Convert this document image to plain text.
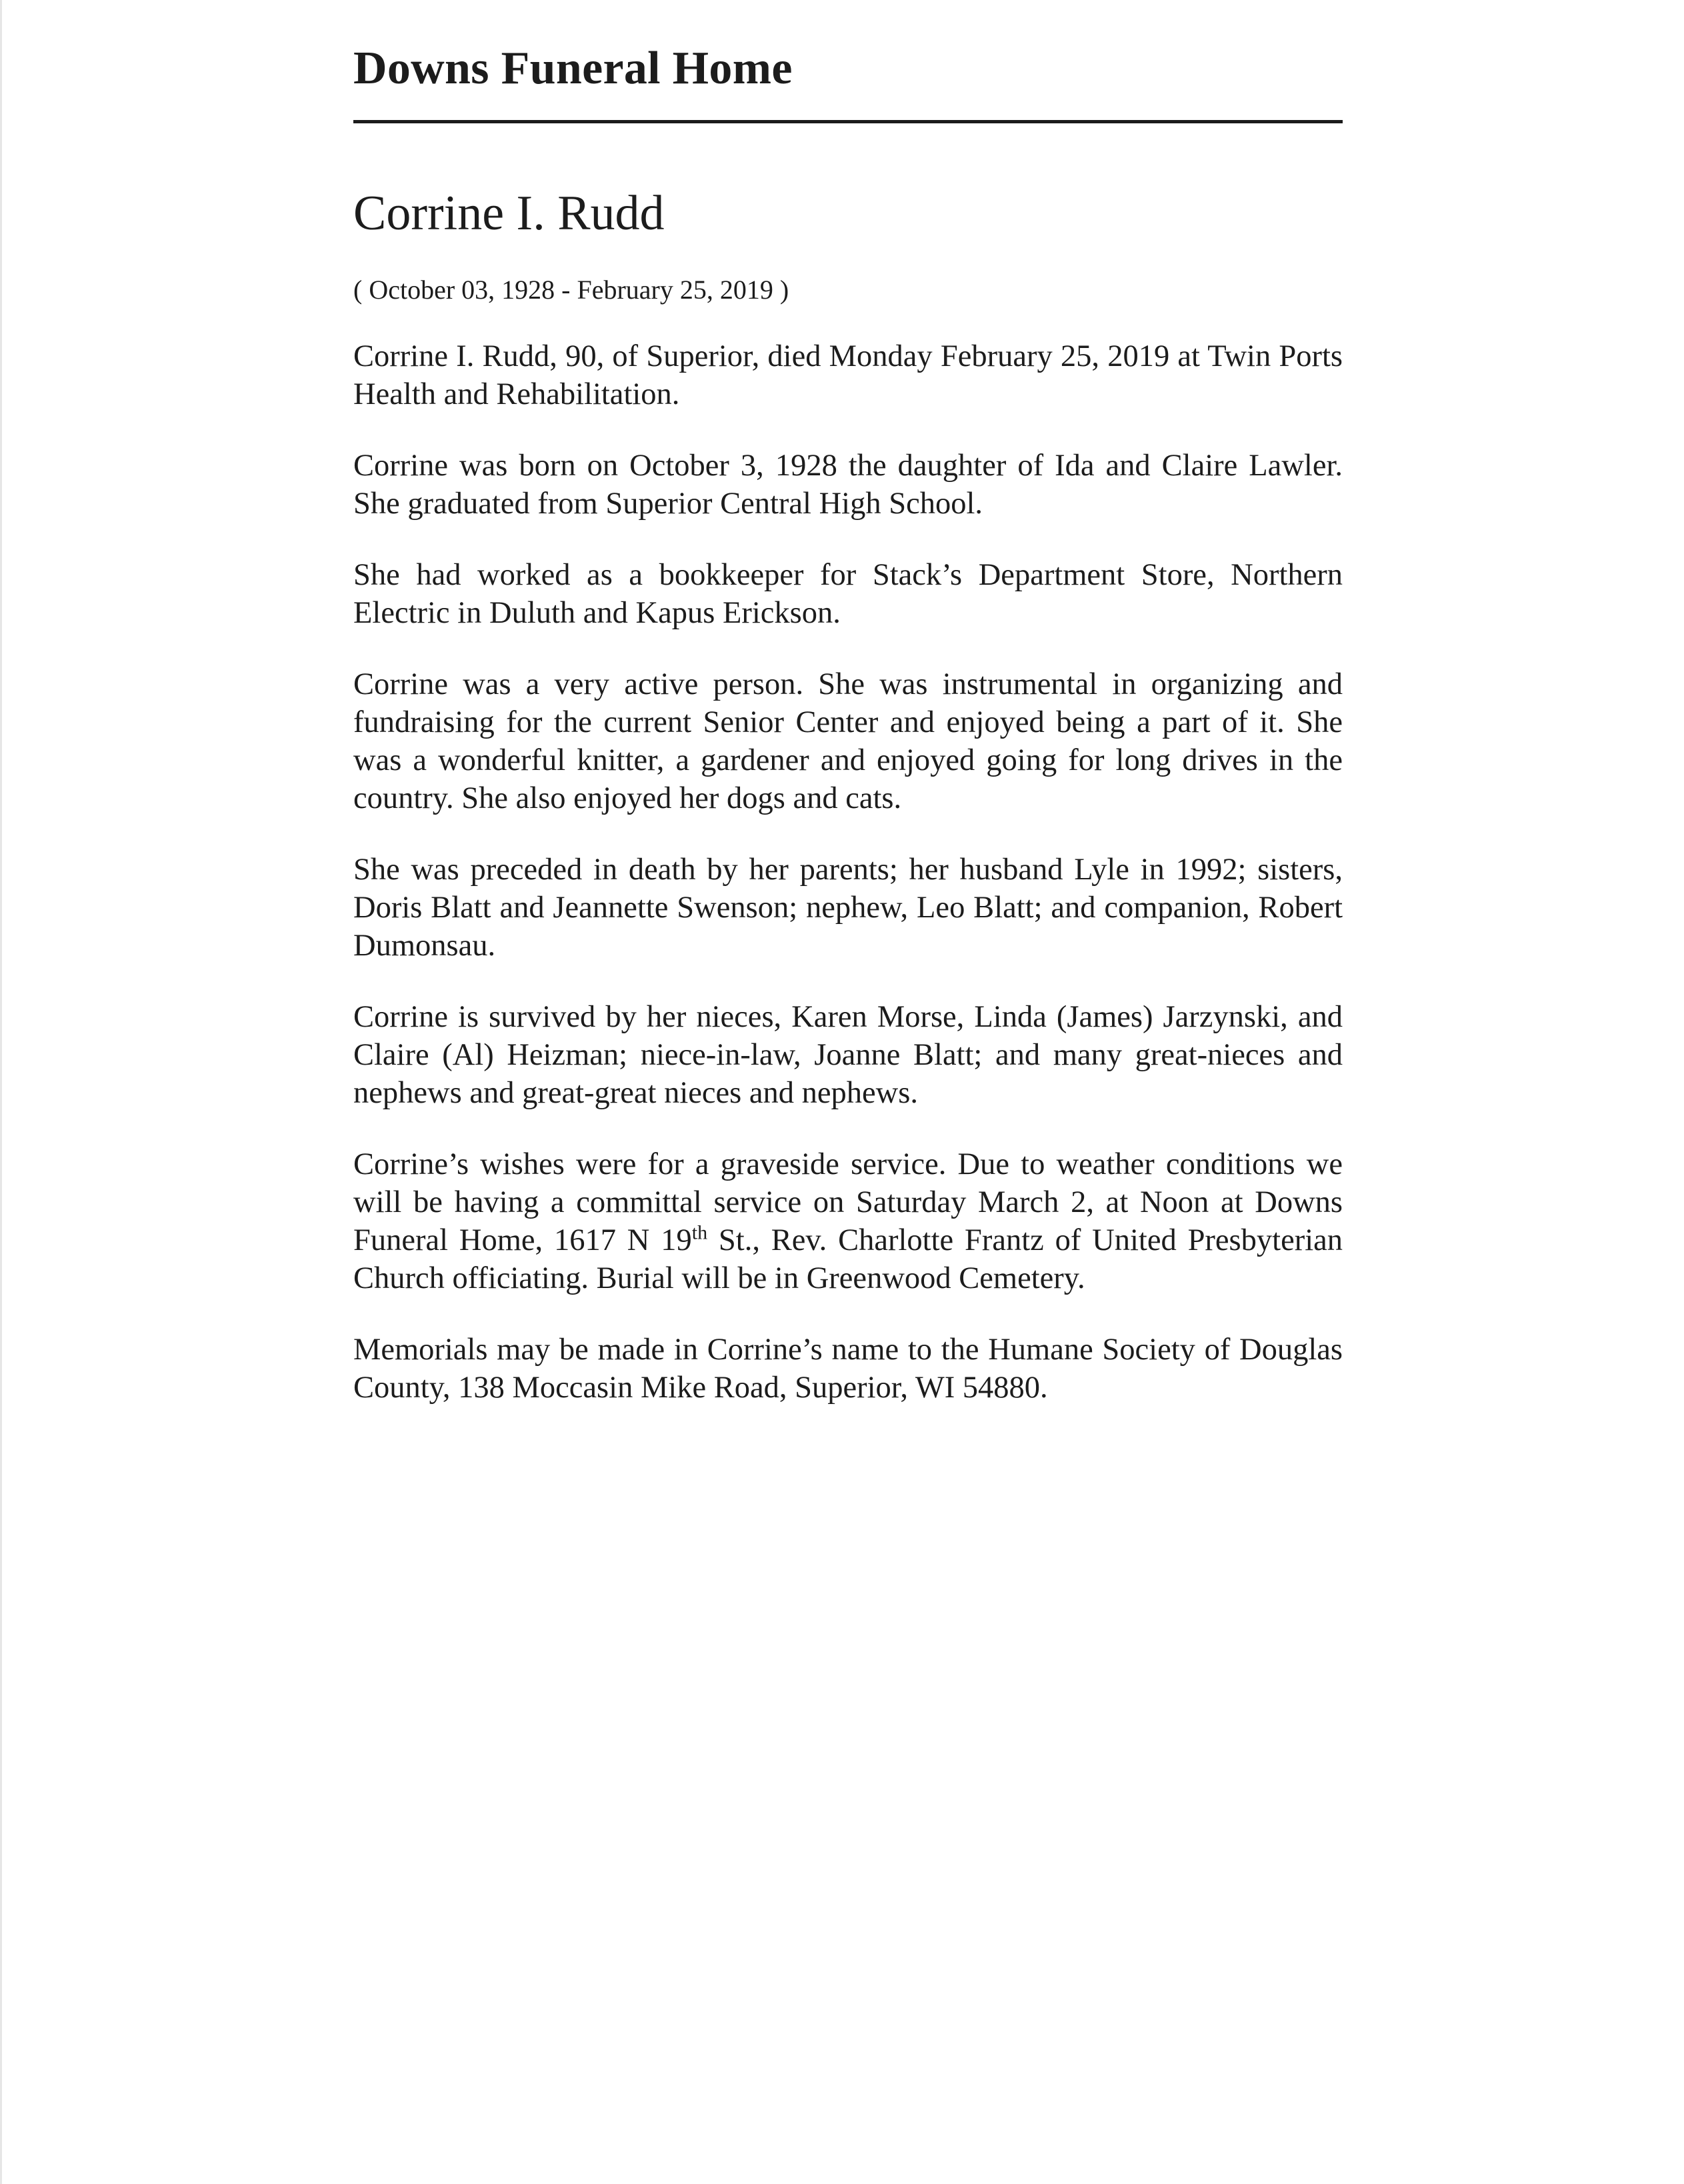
Downs Funeral Home
Corrine I. Rudd
( October 03, 1928 - February 25, 2019 )

Corrine I. Rudd, 90, of Superior, died Monday February 25, 2019 at Twin Ports Health and Rehabilitation.

Corrine was born on October 3, 1928 the daughter of Ida and Claire Lawler. She graduated from Superior Central High School.

She had worked as a bookkeeper for Stack’s Department Store, Northern Electric in Duluth and Kapus Erickson.

Corrine was a very active person. She was instrumental in organizing and fundraising for the current Senior Center and enjoyed being a part of it. She was a wonderful knitter, a gardener and enjoyed going for long drives in the country. She also enjoyed her dogs and cats.

She was preceded in death by her parents; her husband Lyle in 1992; sisters, Doris Blatt and Jeannette Swenson; nephew, Leo Blatt; and companion, Robert Dumonsau.

Corrine is survived by her nieces, Karen Morse, Linda (James) Jarzynski, and Claire (Al) Heizman; niece-in-law, Joanne Blatt; and many great-nieces and nephews and great-great nieces and nephews.

Corrine’s wishes were for a graveside service. Due to weather conditions we will be having a committal service on Saturday March 2, at Noon at Downs Funeral Home, 1617 N 19th St., Rev. Charlotte Frantz of United Presbyterian Church officiating. Burial will be in Greenwood Cemetery.

Memorials may be made in Corrine’s name to the Humane Society of Douglas County, 138 Moccasin Mike Road, Superior, WI 54880.
